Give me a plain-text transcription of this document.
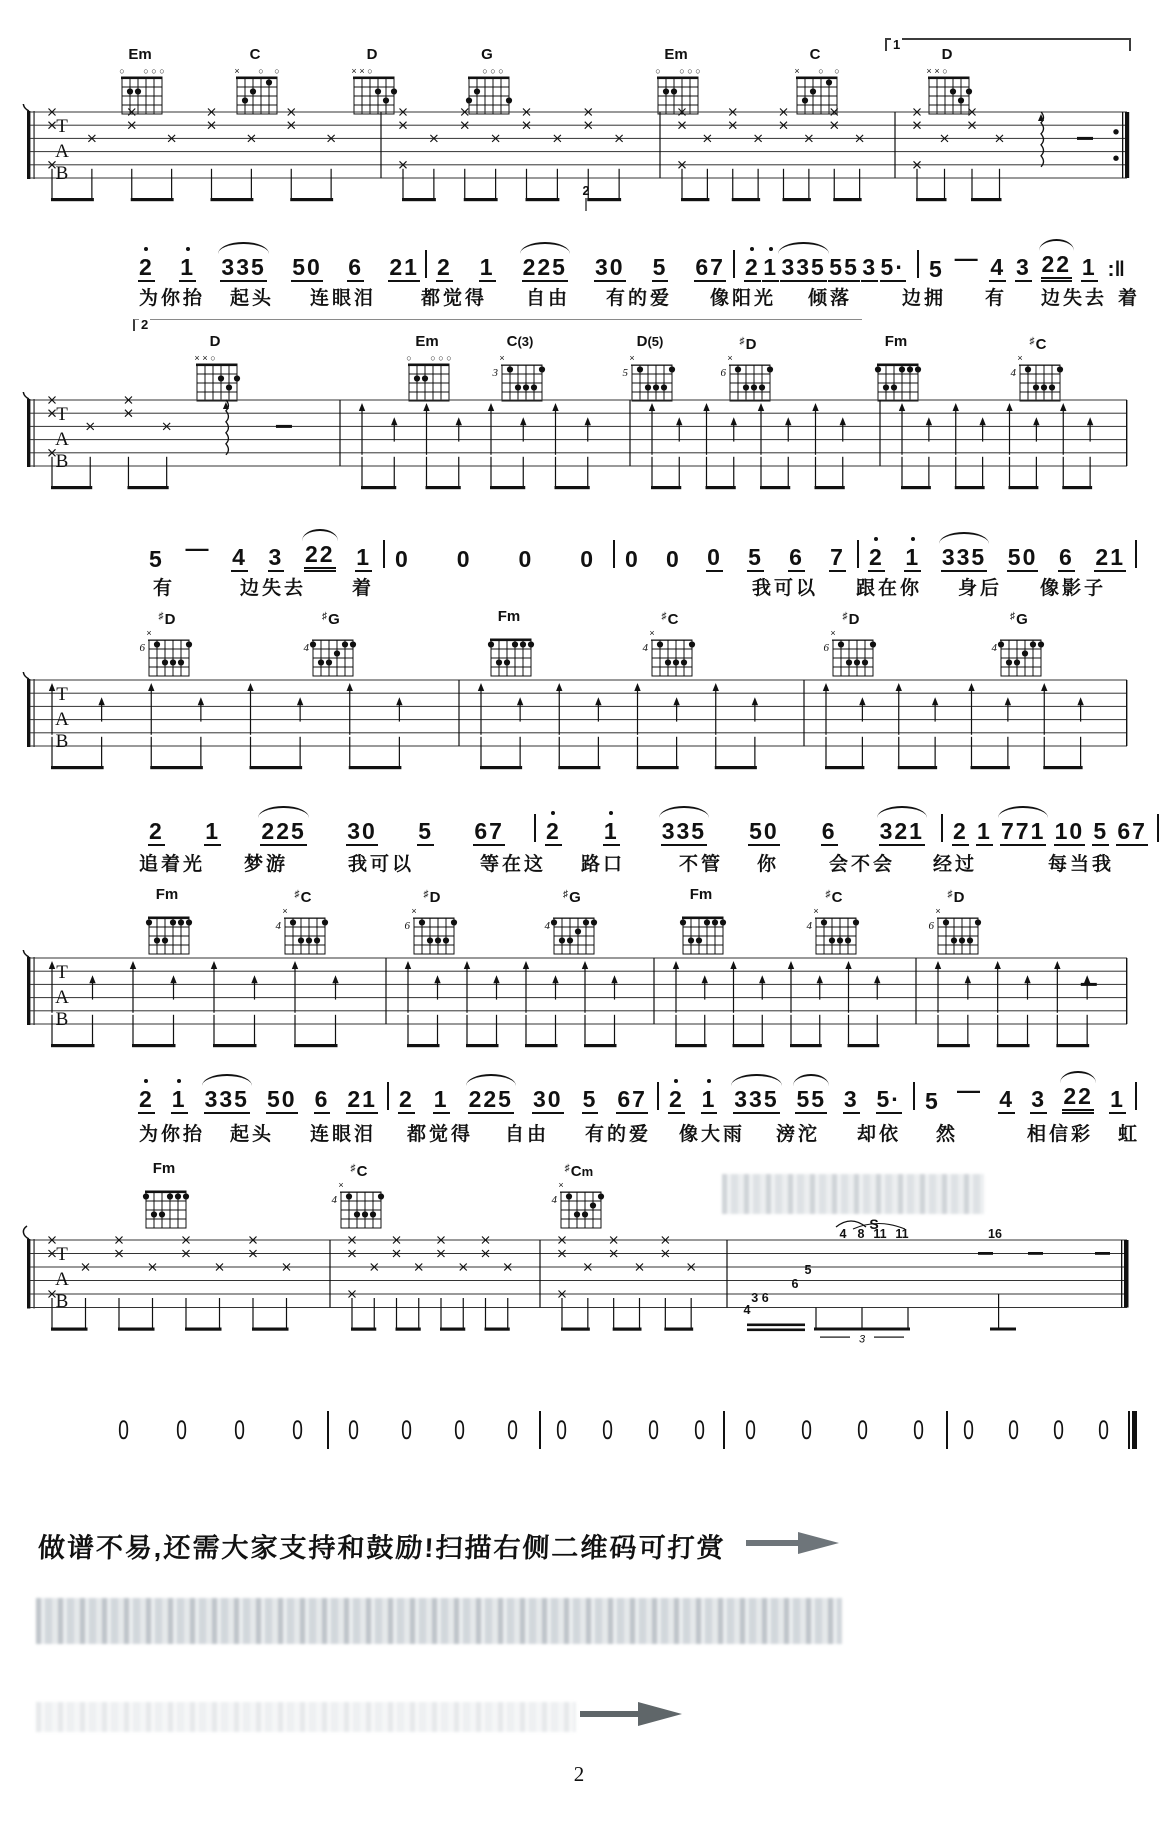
做谱不易,还需大家支持和鼓励!扫描右侧二维码可打赏
2
1
Em
○ ○ ○ ○
C
× ○ ○
D
× × ○
G
○ ○ ○
Em
○ ○ ○ ○
C
× ○ ○
D
× × ○
T
A
B
2
2 1 335 50 6 21 2 1 225 30 5 67 2 1 335 55 3 5· 5 — 4 3 22 1 :‖
为你抬 起头 连眼泪 都觉得 自由 有的爱 像阳光 倾落	边拥 有 边失去 着
2
D
× × ○
Em
○ ○ ○ ○
C(3)
3
×
D(5)
5
×
♯D
6
×
Fm	♯C
4
×
T
A
B
5 — 4 3 22 1 0 0 0 0 0 0 0 5 6 7 2 1 335 50 6 21
有	边失去 着	我可以 跟在你 身后 像影子
♯D
6
×
♯G
4
Fm	♯C
4
×
♯D
6
×
♯G
4
T
A
B
2 1 225 30 5 67 2 1 335 50 6 321 2 1 771 10 5 67
追着光 梦游	我可以	等在这 路口	不管 你	会不会 经过	每当我
Fm	♯C
4
×
♯D
6
×
♯G
4
Fm	♯C
4
×
♯D
6
×
T
A
B
2 1 335 50 6 21 2 1 225 30 5 67 2 1 335 55 3 5· 5 — 4 3 22 1
为你抬 起头 连眼泪 都觉得 自由 有的爱 像大雨 滂沱 却依 然	相信彩 虹
Fm	♯C
4
×
♯Cm
4
×
T
A
B
S
4 8 11 11	16
5
6
3 6
4
3
0 0 0 0 0 0 0 0 0 0 0 0 0 0 0 0 0 0 0 0
